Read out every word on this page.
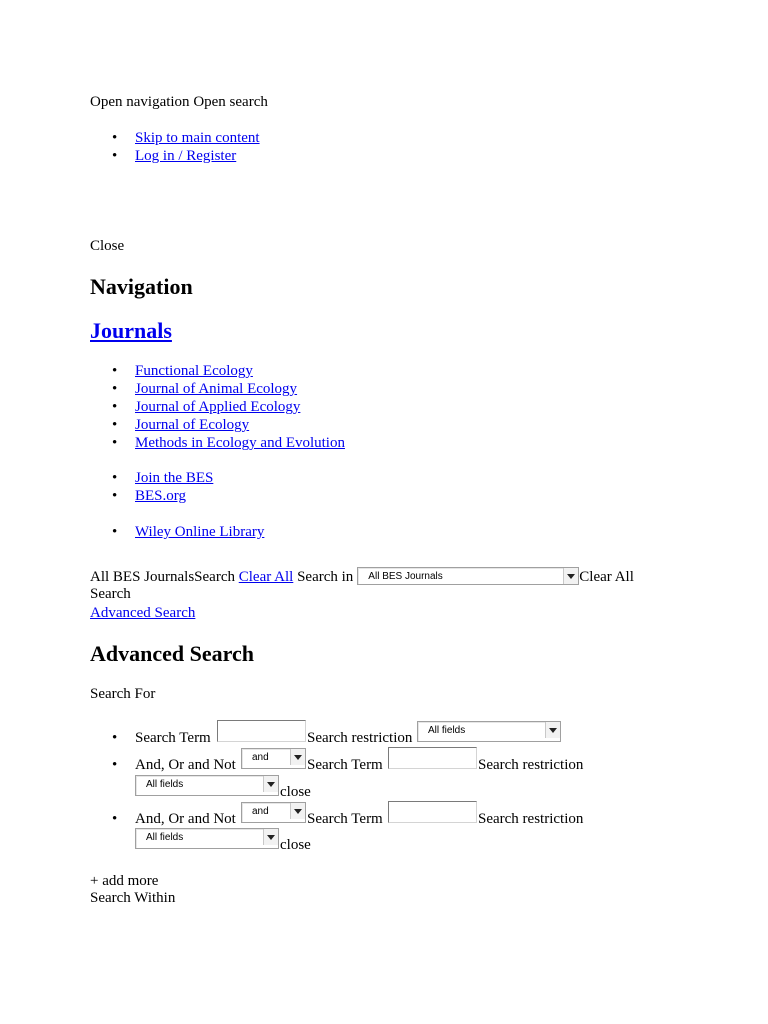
Open navigation Open search
• Skip to main content
• Log in / Register
Close
Navigation
Journals
• Functional Ecology
• Journal of Animal Ecology
• Journal of Applied Ecology
• Journal of Ecology
• Methods in Ecology and Evolution
• Join the BES
• BES.org
• Wiley Online Library
All BES JournalsSearch Clear All Search in All BES Journals	Clear All
Search
Advanced Search
Advanced Search
Search For
• Search Term	Search restriction	All fields
• And, Or and Not	and	Search Term	Search restriction
All fields	close
• And, Or and Not	and	Search Term	Search restriction
All fields	close
+ add more
Search Within
